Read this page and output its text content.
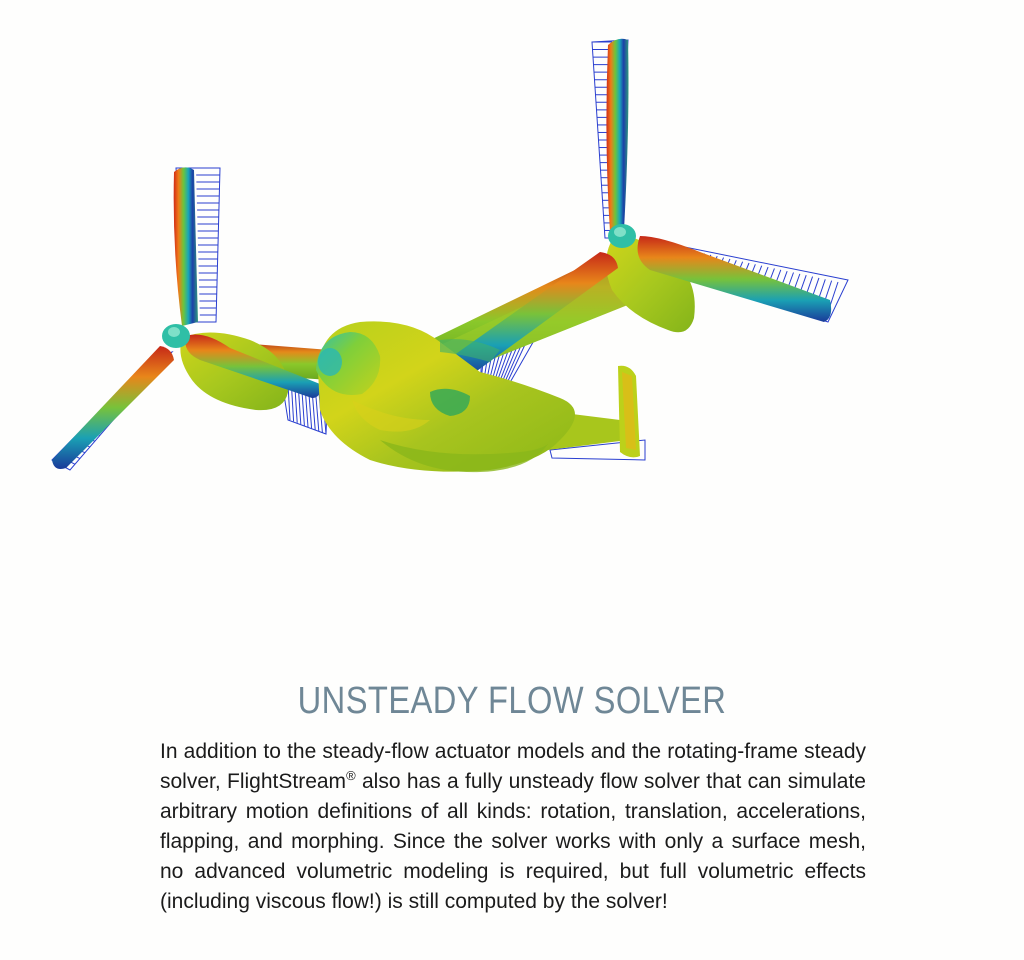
UNSTEADY FLOW SOLVER

In addition to the steady-flow actuator models and the rotating-frame steady solver, FlightStream® also has a fully unsteady flow solver that can simulate arbitrary motion definitions of all kinds: rotation, translation, accelerations, flapping, and morphing. Since the solver works with only a surface mesh, no advanced volumetric modeling is required, but full volumetric effects (including viscous flow!) is still computed by the solver!
